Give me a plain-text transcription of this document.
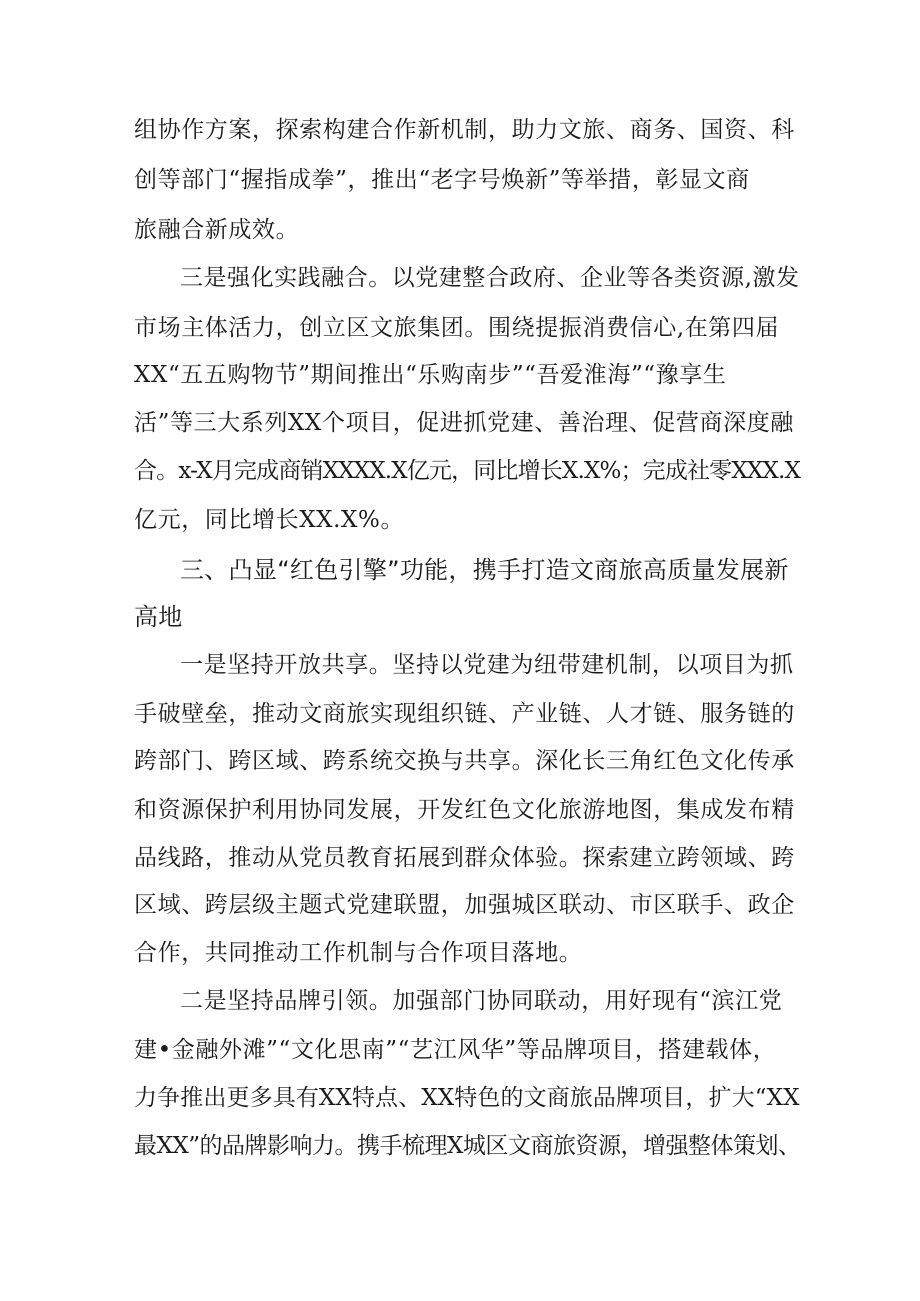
组协作方案，探索构建合作新机制，助力文旅、商务、国资、科
创等部门“握指成拳”，推出“老字号焕新”等举措，彰显文商
旅融合新成效。
三是强化实践融合。以党建整合政府、企业等各类资源,激发
市场主体活力，创立区文旅集团。围绕提振消费信心,在第四届
XX“五五购物节”期间推出“乐购南步”“吾爱淮海”“豫享生
活”等三大系列XX个项目，促进抓党建、善治理、促营商深度融
合。x-X月完成商销XXXX.X亿元，同比增长X.X%；完成社零XXX.X
亿元，同比增长XX.X%。
三、凸显“红色引擎”功能，携手打造文商旅高质量发展新
高地
一是坚持开放共享。坚持以党建为纽带建机制，以项目为抓
手破壁垒，推动文商旅实现组织链、产业链、人才链、服务链的
跨部门、跨区域、跨系统交换与共享。深化长三角红色文化传承
和资源保护利用协同发展，开发红色文化旅游地图，集成发布精
品线路，推动从党员教育拓展到群众体验。探索建立跨领域、跨
区域、跨层级主题式党建联盟，加强城区联动、市区联手、政企
合作，共同推动工作机制与合作项目落地。
二是坚持品牌引领。加强部门协同联动，用好现有“滨江党
建•金融外滩”“文化思南”“艺江风华”等品牌项目，搭建载体，
力争推出更多具有XX特点、XX特色的文商旅品牌项目，扩大“XX
最XX”的品牌影响力。携手梳理X城区文商旅资源，增强整体策划、
